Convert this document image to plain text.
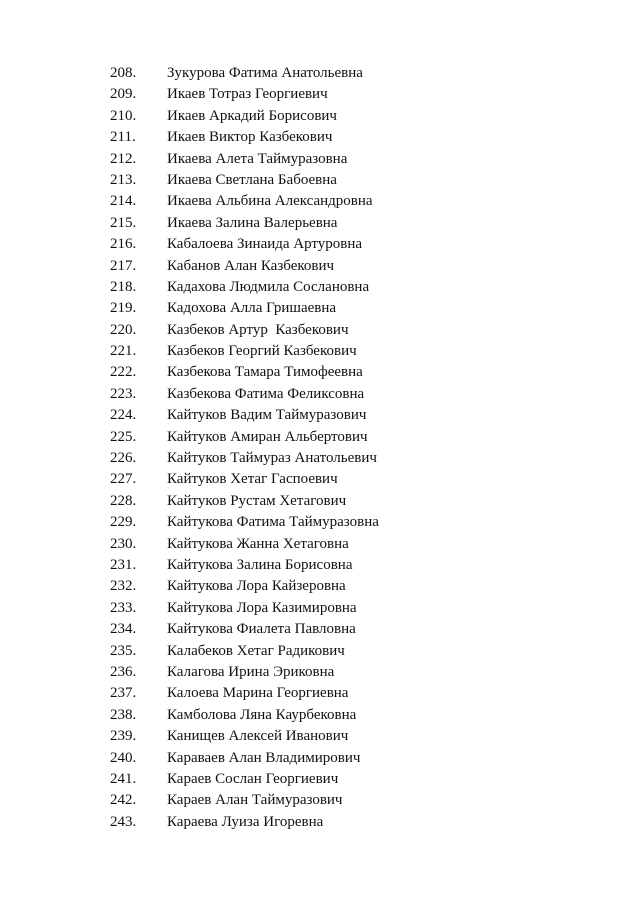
208.	Зукурова Фатима Анатольевна
209.	Икаев Тотраз Георгиевич
210.	Икаев Аркадий Борисович
211.	Икаев Виктор Казбекович
212.	Икаева Алета Таймуразовна
213.	Икаева Светлана Бабоевна
214.	Икаева Альбина Александровна
215.	Икаева Залина Валерьевна
216.	Кабалоева Зинаида Артуровна
217.	Кабанов Алан Казбекович
218.	Кадахова Людмила Сослановна
219.	Кадохова Алла Гришаевна
220.	Казбеков Артур  Казбекович
221.	Казбеков Георгий Казбекович
222.	Казбекова Тамара Тимофеевна
223.	Казбекова Фатима Феликсовна
224.	Кайтуков Вадим Таймуразович
225.	Кайтуков Амиран Альбертович
226.	Кайтуков Таймураз Анатольевич
227.	Кайтуков Хетаг Гаспоевич
228.	Кайтуков Рустам Хетагович
229.	Кайтукова Фатима Таймуразовна
230.	Кайтукова Жанна Хетаговна
231.	Кайтукова Залина Борисовна
232.	Кайтукова Лора Кайзеровна
233.	Кайтукова Лора Казимировна
234.	Кайтукова Фиалета Павловна
235.	Калабеков Хетаг Радикович
236.	Калагова Ирина Эриковна
237.	Калоева Марина Георгиевна
238.	Камболова Ляна Каурбековна
239.	Канищев Алексей Иванович
240.	Караваев Алан Владимирович
241.	Караев Сослан Георгиевич
242.	Караев Алан Таймуразович
243.	Караева Луиза Игоревна
